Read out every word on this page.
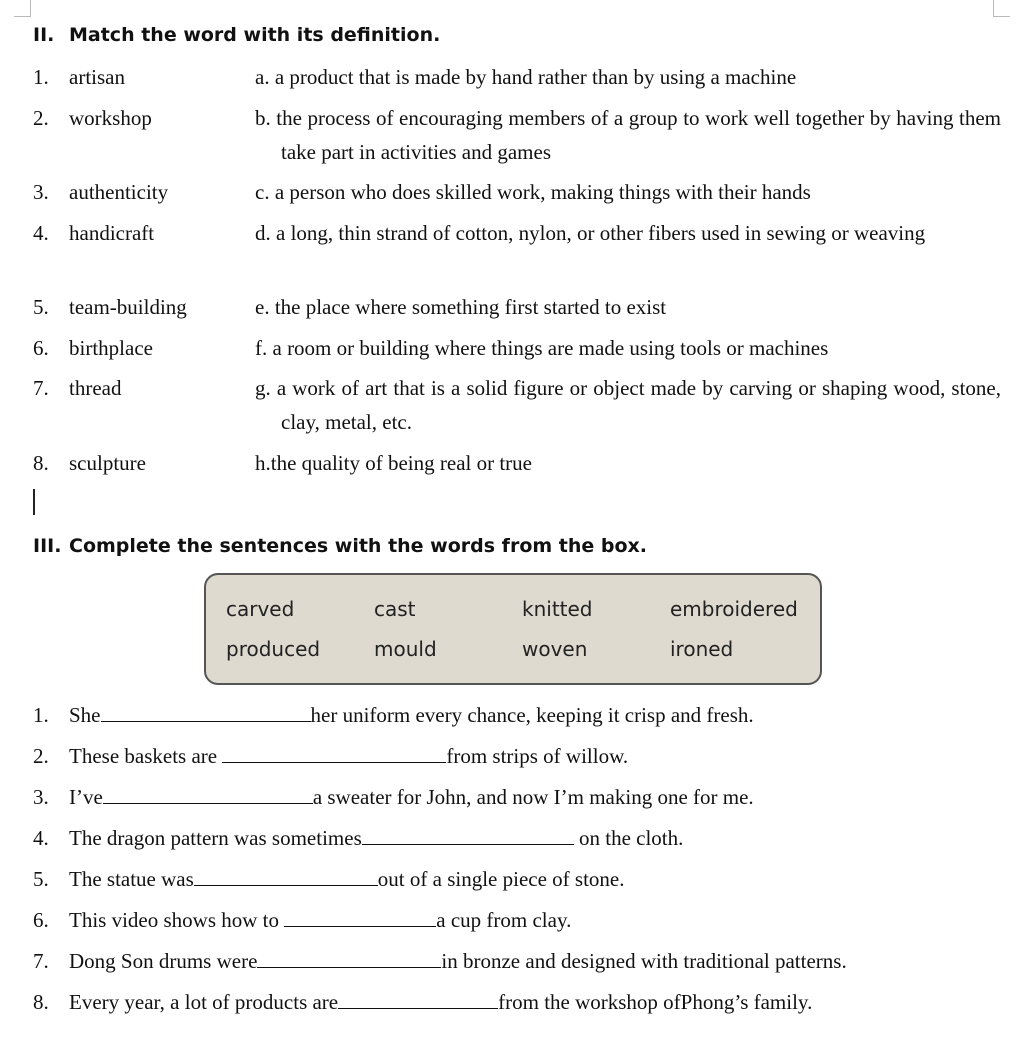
II. Match the word with its definition.
1. artisan	a. a product that is made by hand rather than by using a machine
2. workshop	b. the process of encouraging members of a group to work well together by having them take part in activities and games
3. authenticity	c. a person who does skilled work, making things with their hands
4. handicraft	d. a long, thin strand of cotton, nylon, or other fibers used in sewing or weaving
5. team-building	e. the place where something first started to exist
6. birthplace	f. a room or building where things are made using tools or machines
7. thread	g. a work of art that is a solid figure or object made by carving or shaping wood, stone, clay, metal, etc.
8. sculpture	h.the quality of being real or true
III. Complete the sentences with the words from the box.
carved	cast	knitted	embroidered
produced	mould	woven	ironed
1. She	her uniform every chance, keeping it crisp and fresh.
2. These baskets are	from strips of willow.
3. I’ve	a sweater for John, and now I’m making one for me.
4. The dragon pattern was sometimes	on the cloth.
5. The statue was	out of a single piece of stone.
6. This video shows how to	a cup from clay.
7. Dong Son drums were	in bronze and designed with traditional patterns.
8. Every year, a lot of products are	from the workshop ofPhong’s family.
